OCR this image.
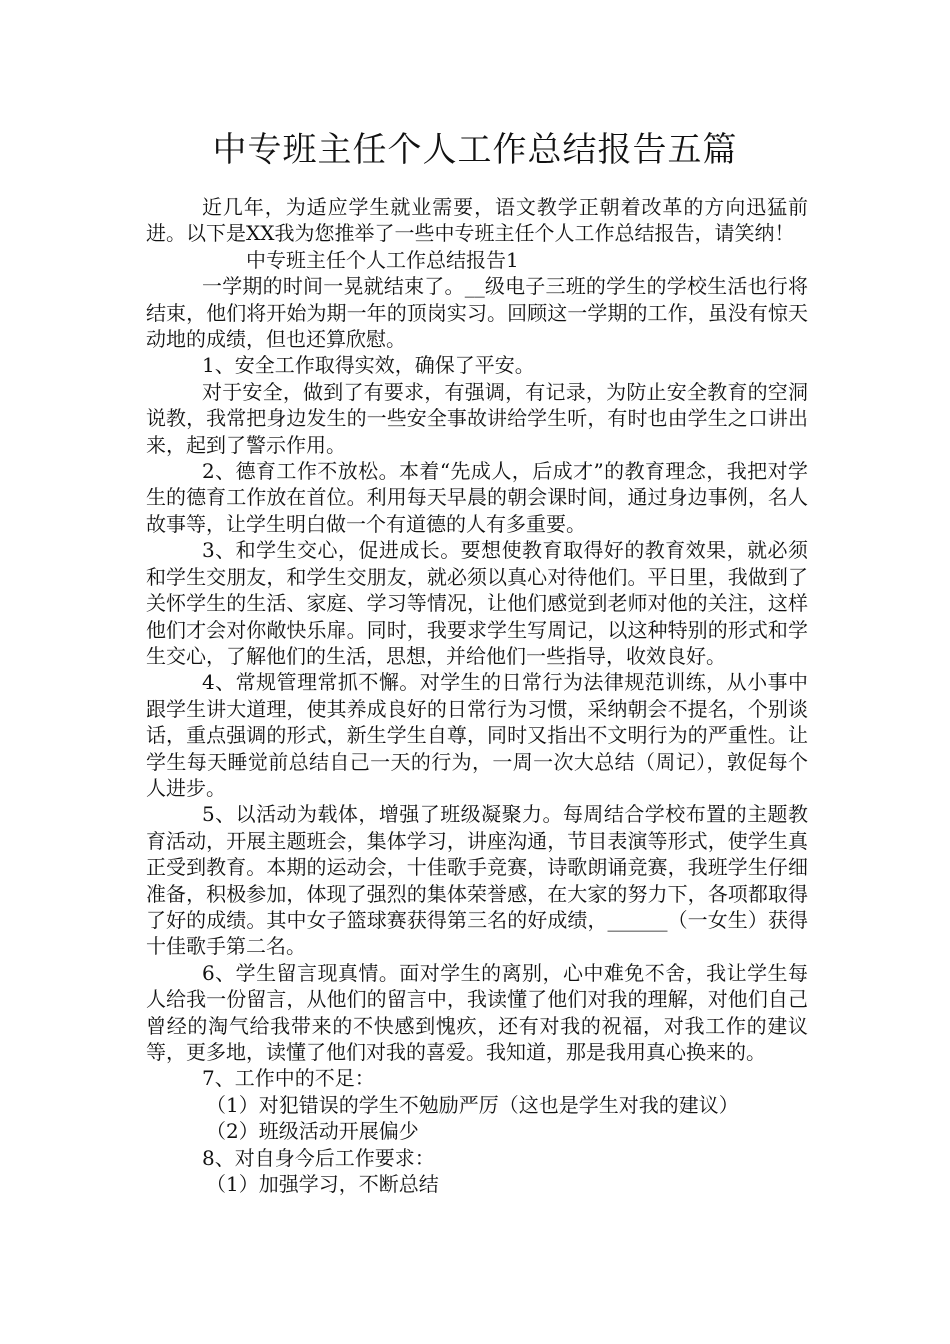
中专班主任个人工作总结报告五篇

近几年，为适应学生就业需要，语文教学正朝着改革的方向迅猛前进。以下是XX我为您推举了一些中专班主任个人工作总结报告，请笑纳！

中专班主任个人工作总结报告1

一学期的时间一晃就结束了。__级电子三班的学生的学校生活也行将结束，他们将开始为期一年的顶岗实习。回顾这一学期的工作，虽没有惊天动地的成绩，但也还算欣慰。

1、安全工作取得实效，确保了平安。

对于安全，做到了有要求，有强调，有记录，为防止安全教育的空洞说教，我常把身边发生的一些安全事故讲给学生听，有时也由学生之口讲出来，起到了警示作用。

2、德育工作不放松。本着“先成人，后成才”的教育理念，我把对学生的德育工作放在首位。利用每天早晨的朝会课时间，通过身边事例，名人故事等，让学生明白做一个有道德的人有多重要。

3、和学生交心，促进成长。要想使教育取得好的教育效果，就必须和学生交朋友，和学生交朋友，就必须以真心对待他们。平日里，我做到了关怀学生的生活、家庭、学习等情况，让他们感觉到老师对他的关注，这样他们才会对你敞快乐扉。同时，我要求学生写周记，以这种特别的形式和学生交心，了解他们的生活，思想，并给他们一些指导，收效良好。

4、常规管理常抓不懈。对学生的日常行为法律规范训练，从小事中跟学生讲大道理，使其养成良好的日常行为习惯，采纳朝会不提名，个别谈话，重点强调的形式，新生学生自尊，同时又指出不文明行为的严重性。让学生每天睡觉前总结自己一天的行为，一周一次大总结（周记），敦促每个人进步。

5、以活动为载体，增强了班级凝聚力。每周结合学校布置的主题教育活动，开展主题班会，集体学习，讲座沟通，节目表演等形式，使学生真正受到教育。本期的运动会，十佳歌手竞赛，诗歌朗诵竞赛，我班学生仔细准备，积极参加，体现了强烈的集体荣誉感，在大家的努力下，各项都取得了好的成绩。其中女子篮球赛获得第三名的好成绩，______（一女生）获得十佳歌手第二名。

6、学生留言现真情。面对学生的离别，心中难免不舍，我让学生每人给我一份留言，从他们的留言中，我读懂了他们对我的理解，对他们自己曾经的淘气给我带来的不快感到愧疚，还有对我的祝福，对我工作的建议等，更多地，读懂了他们对我的喜爱。我知道，那是我用真心换来的。

7、工作中的不足：

（1）对犯错误的学生不勉励严厉（这也是学生对我的建议）

（2）班级活动开展偏少

8、对自身今后工作要求：

（1）加强学习，不断总结
